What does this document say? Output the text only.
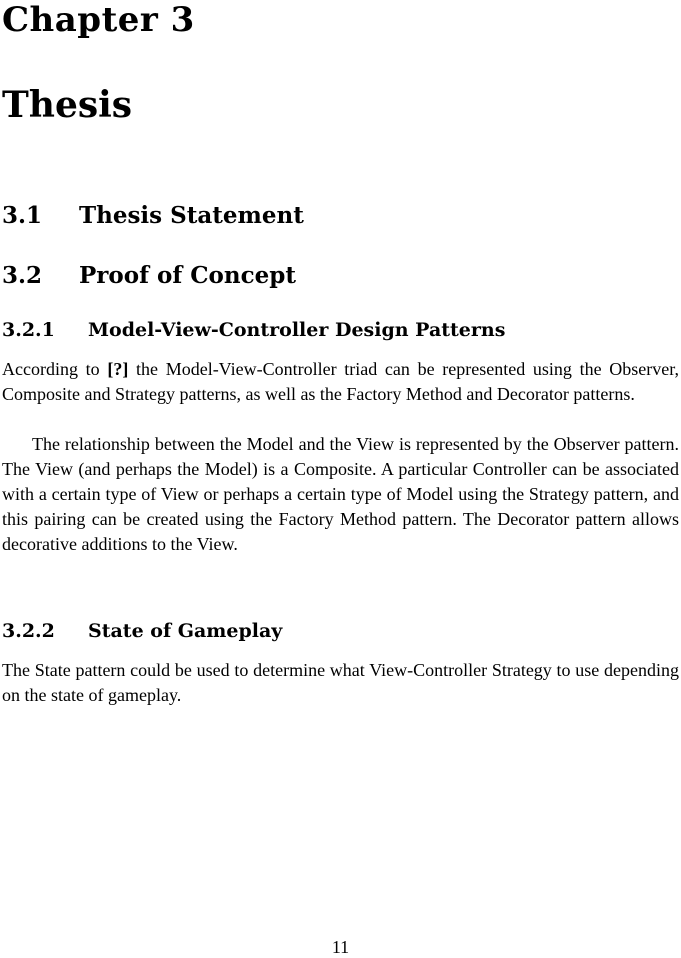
Chapter 3
Thesis
3.1 Thesis Statement
3.2 Proof of Concept
3.2.1 Model-View-Controller Design Patterns

According to [?] the Model-View-Controller triad can be represented using the Observer, Composite and Strategy patterns, as well as the Factory Method and Decorator patterns.

The relationship between the Model and the View is represented by the Observer pattern. The View (and perhaps the Model) is a Composite. A particular Controller can be associated with a certain type of View or perhaps a certain type of Model using the Strategy pattern, and this pairing can be created using the Factory Method pattern. The Decorator pattern allows decorative additions to the View.

3.2.2 State of Gameplay

The State pattern could be used to determine what View-Controller Strategy to use depending on the state of gameplay.

11
